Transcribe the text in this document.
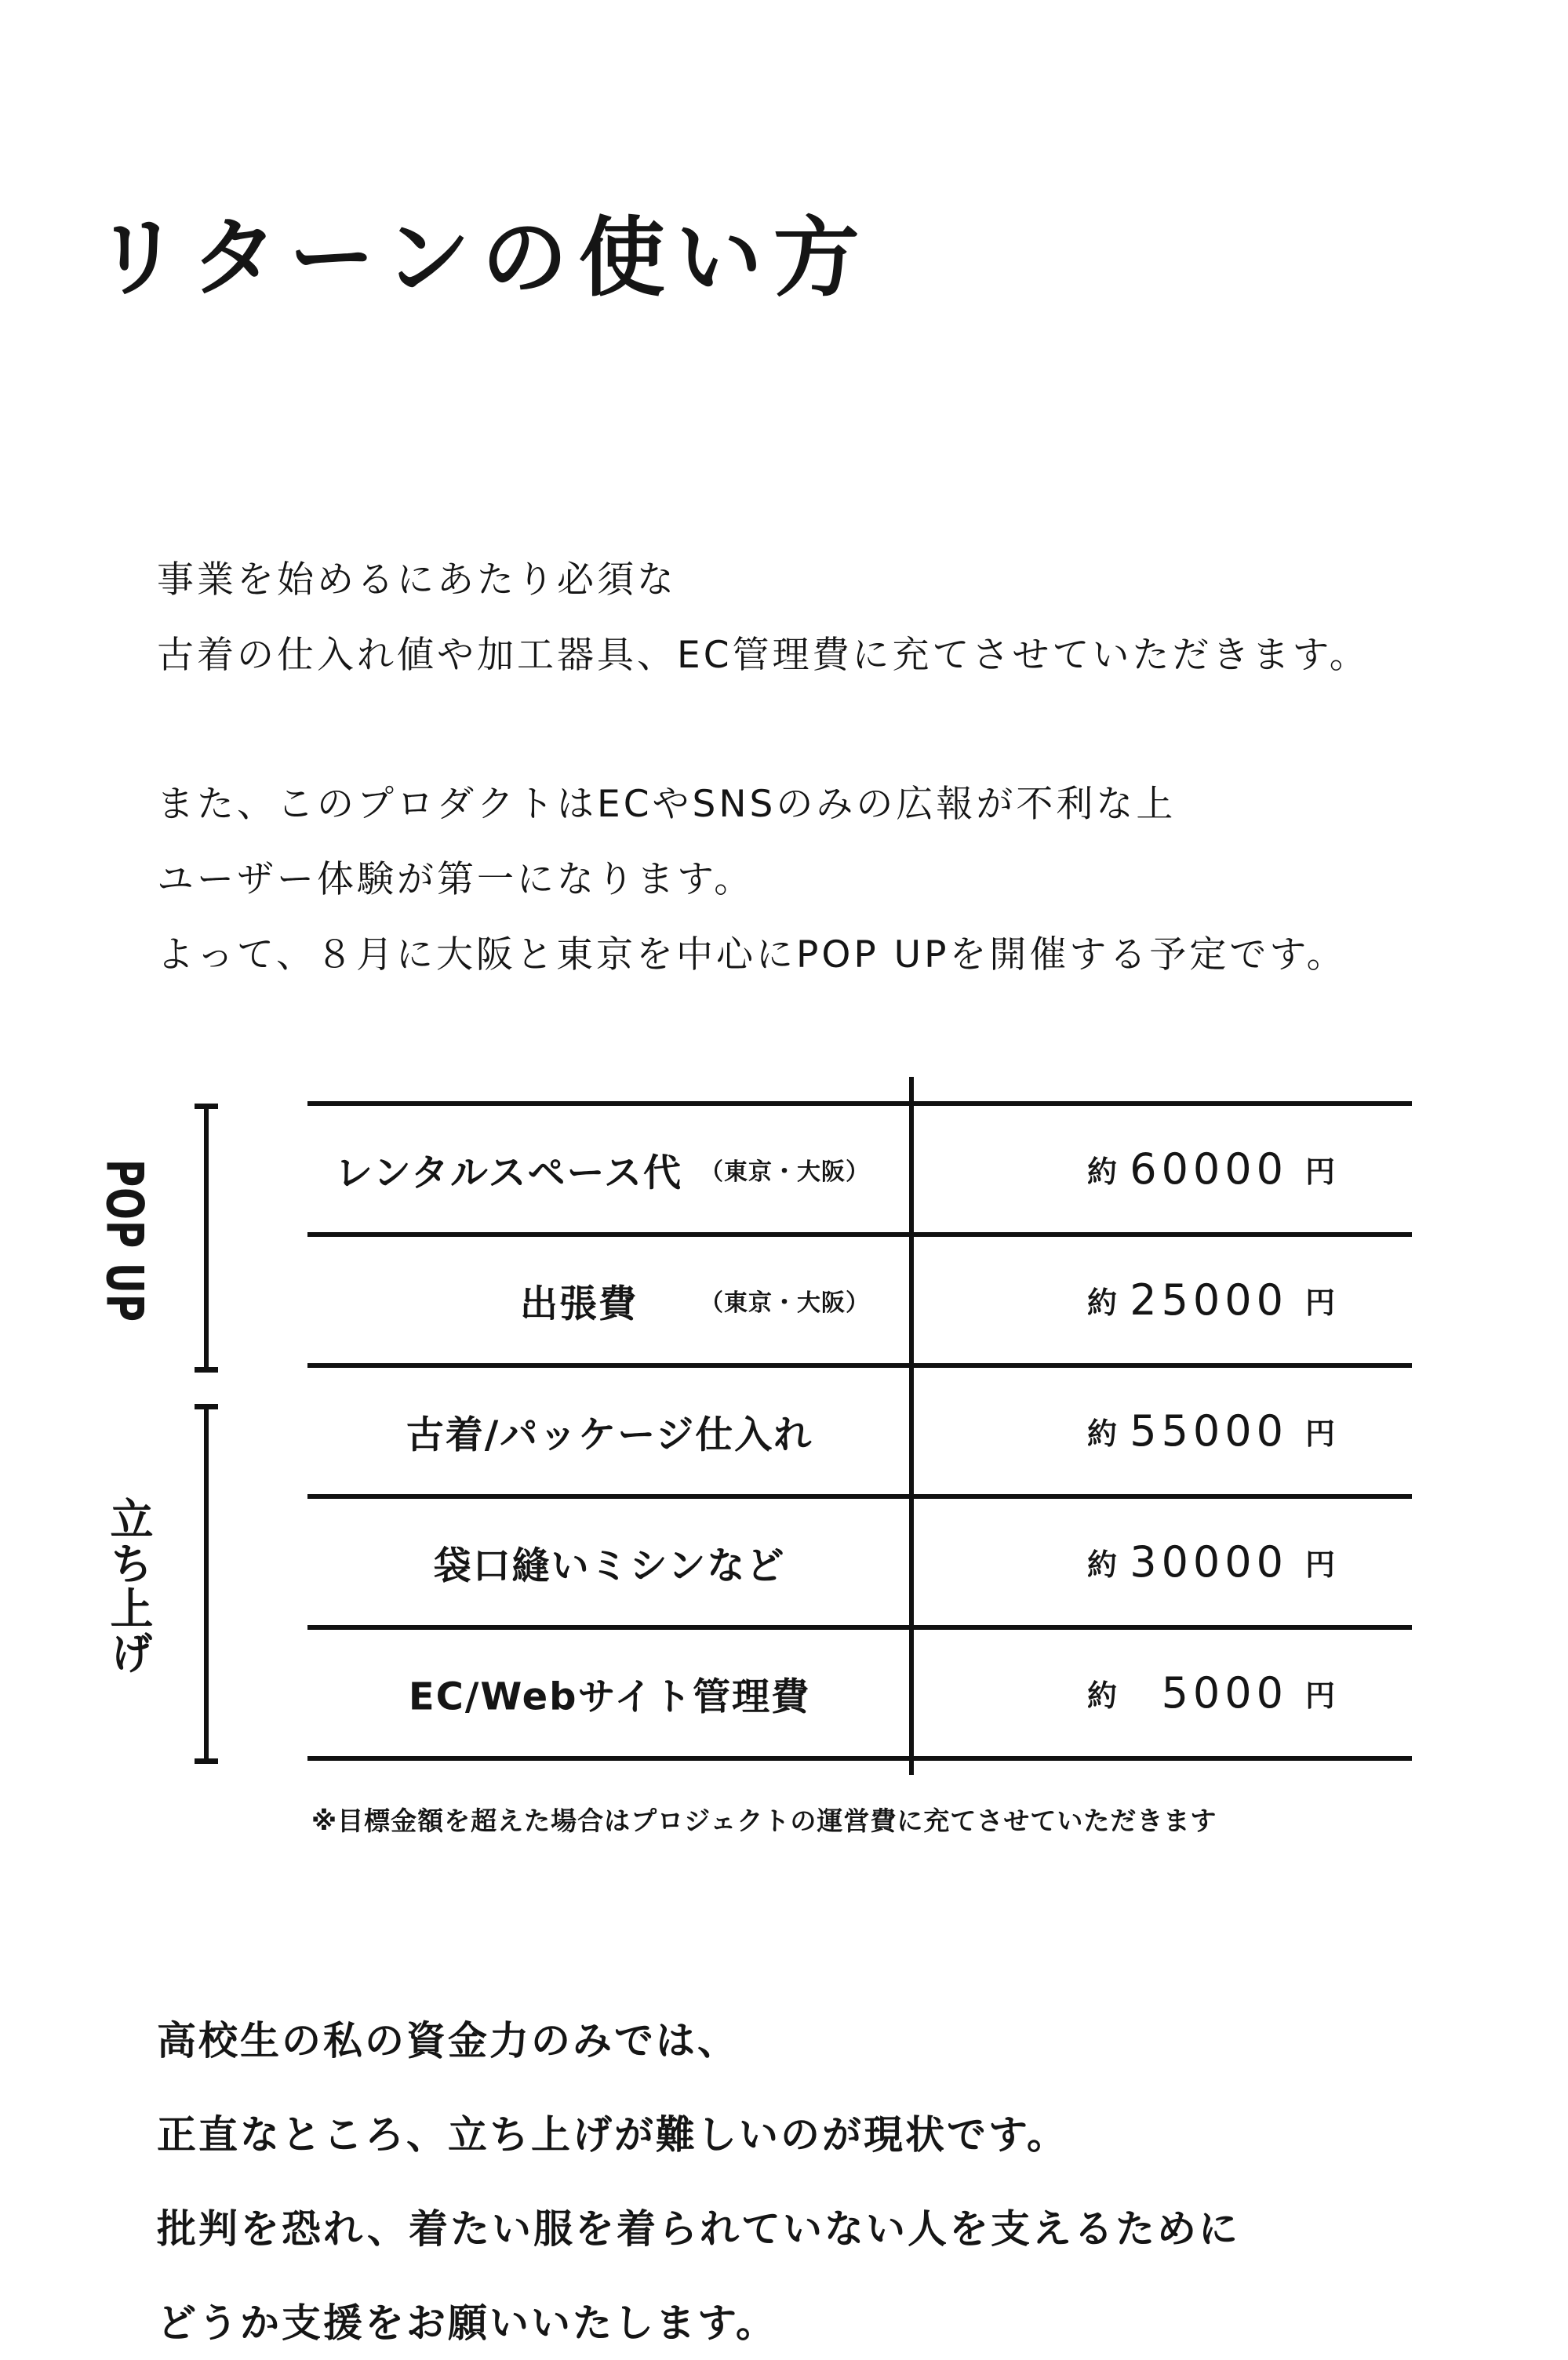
リターンの使い方
事業を始めるにあたり必須な
古着の仕入れ値や加工器具、EC管理費に充てさせていただきます。
また、このプロダクトはECやSNSのみの広報が不利な上
ユーザー体験が第一になります。
よって、８月に大阪と東京を中心にPOP UPを開催する予定です。
POP UP
立ち上げ
レンタルスペース代 （東京・大阪）	約 60000 円
出張費	（東京・大阪）	約 25000 円
古着/パッケージ仕入れ	約 55000 円
袋口縫いミシンなど	約 30000 円
EC/Webサイト管理費	約	5000 円
※目標金額を超えた場合はプロジェクトの運営費に充てさせていただきます
高校生の私の資金力のみでは、
正直なところ、立ち上げが難しいのが現状です。
批判を恐れ、着たい服を着られていない人を支えるために
どうか支援をお願いいたします。
